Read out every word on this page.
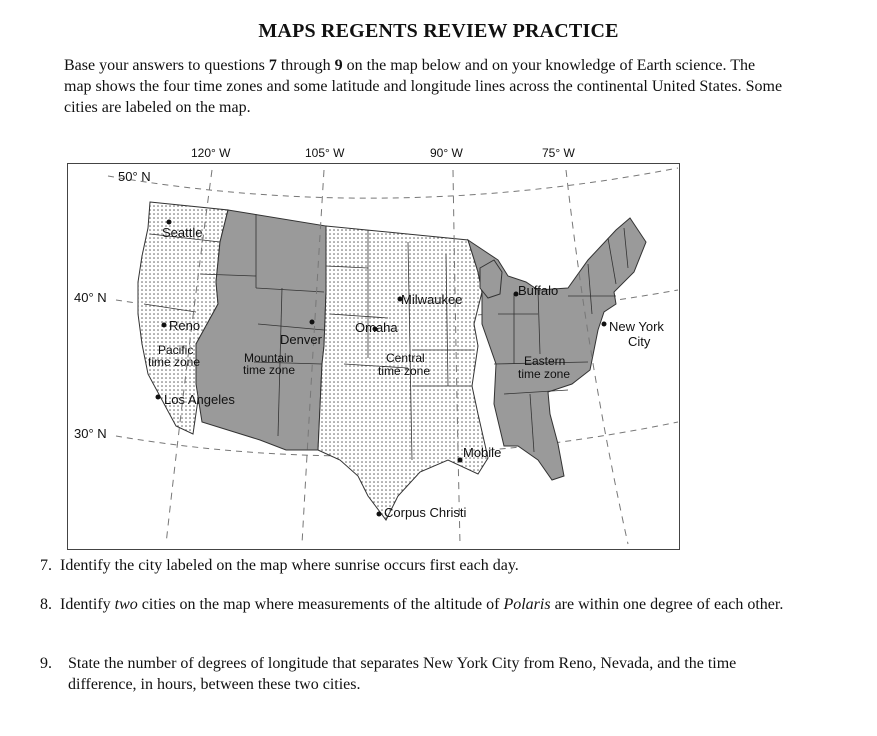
MAPS REGENTS REVIEW PRACTICE
Base your answers to questions 7 through 9 on the map below and on your knowledge of Earth science. The map shows the four time zones and some latitude and longitude lines across the continental United States. Some cities are labeled on the map.
120° W	105° W	90° W	75° W
50° N
40° N
30° N
Seattle
Reno
Denver
Omaha
Milwaukee
Buffalo
New York
City
Los Angeles
Mobile
Corpus Christi
Pacific
time zone	Mountain
time zone
Central
time zone
Eastern
time zone
7. Identify the city labeled on the map where sunrise occurs first each day.
8. Identify two cities on the map where measurements of the altitude of Polaris are within one degree of each other.
9. State the number of degrees of longitude that separates New York City from Reno, Nevada, and the time difference, in hours, between these two cities.
